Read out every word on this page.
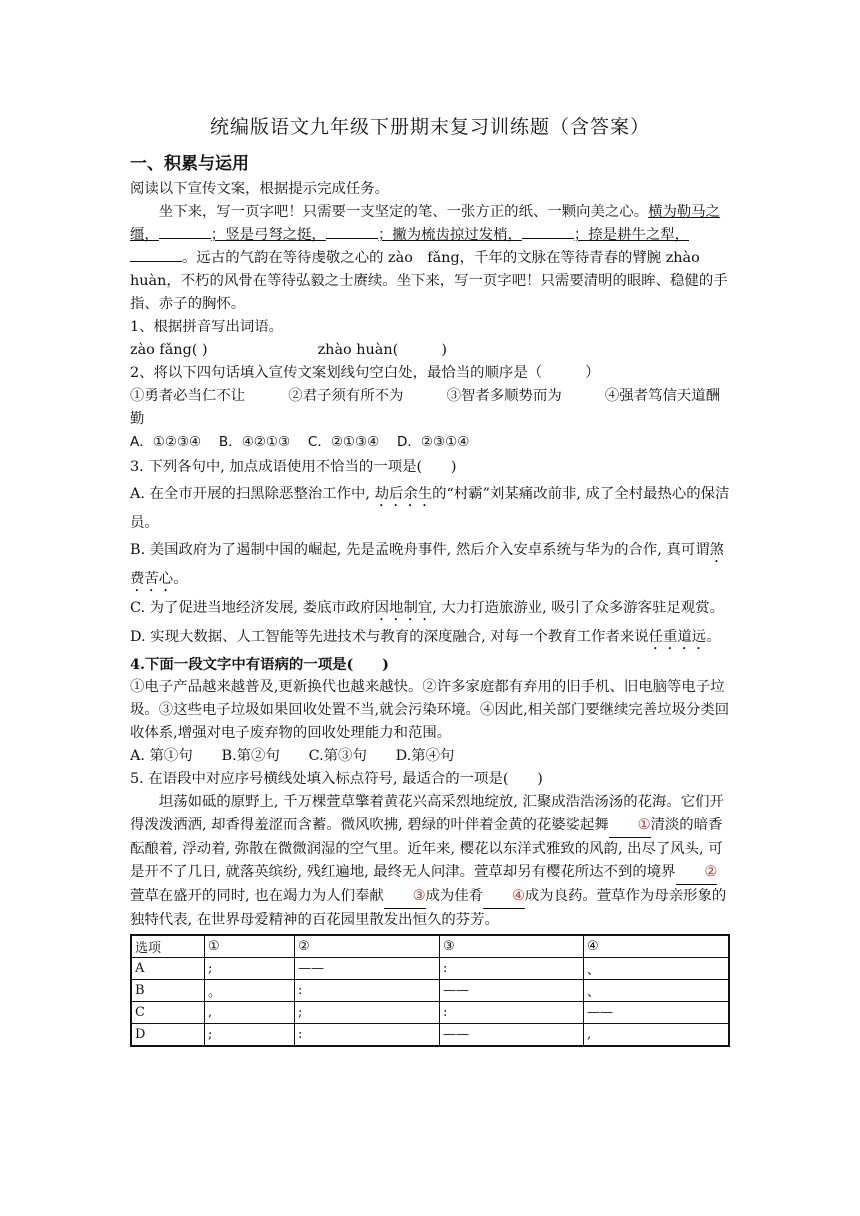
统编版语文九年级下册期末复习训练题（含答案）
一、积累与运用

阅读以下宣传文案，根据提示完成任务。

坐下来，写一页字吧！只需要一支坚定的笔、一张方正的纸、一颗向美之心。横为勒马之缰，	；竖是弓弩之挺，	；撇为梳齿掠过发梢，	；捺是耕牛之犁，。远古的气韵在等待虔敬之心的 zào　fǎng，千年的文脉在等待青春的臂腕 zhào　huàn，不朽的风骨在等待弘毅之士赓续。坐下来，写一页字吧！只需要清明的眼眸、稳健的手指、赤子的胸怀。

1、根据拼音写出词语。

zào fǎng( )	zhào huàn(　　　)

2、将以下四句话填入宣传文案划线句空白处，最恰当的顺序是（　　　）

①勇者必当仁不让　　　②君子须有所不为　　　③智者多顺势而为　　　④强者笃信天道酬勤

A．①②③④　 B．④②①③　 C．②①③④　 D．②③①④

3. 下列各句中, 加点成语使用不恰当的一项是(　　)

A. 在全市开展的扫黑除恶整治工作中, 劫后余生的“村霸”刘某痛改前非, 成了全村最热心的保洁员。

B. 美国政府为了遏制中国的崛起, 先是孟晚舟事件, 然后介入安卓系统与华为的合作, 真可谓煞费苦心。

C. 为了促进当地经济发展, 娄底市政府因地制宜, 大力打造旅游业, 吸引了众多游客驻足观赏。

D. 实现大数据、人工智能等先进技术与教育的深度融合, 对每一个教育工作者来说任重道远。

4.下面一段文字中有语病的一项是(　　)

①电子产品越来越普及,更新换代也越来越快。②许多家庭都有弃用的旧手机、旧电脑等电子垃圾。③这些电子垃圾如果回收处置不当,就会污染环境。④因此,相关部门要继续完善垃圾分类回收体系,增强对电子废弃物的回收处理能力和范围。

A. 第①句　　B.第②句　　C.第③句　　D.第④句

5. 在语段中对应序号横线处填入标点符号, 最适合的一项是(　　)

坦荡如砥的原野上, 千万棵萱草擎着黄花兴高采烈地绽放, 汇聚成浩浩汤汤的花海。它们开得泼泼洒洒, 却香得羞涩而含蓄。微风吹拂, 碧绿的叶伴着金黄的花婆娑起舞 ①清淡的暗香酝酿着, 浮动着, 弥散在微微润湿的空气里。近年来, 樱花以东洋式雅致的风韵, 出尽了风头, 可是开不了几日, 就落英缤纷, 残红遍地, 最终无人问津。萱草却另有樱花所达不到的境界 ②萱草在盛开的同时, 也在竭力为人们奉献 ③成为佳肴 ④成为良药。萱草作为母亲形象的独特代表, 在世界母爱精神的百花园里散发出恒久的芬芳。

选项	①	②	③	④
A	;	——	:	、
B	。	:	——	、
C	,	;	:	——
D	;	:	——	,
